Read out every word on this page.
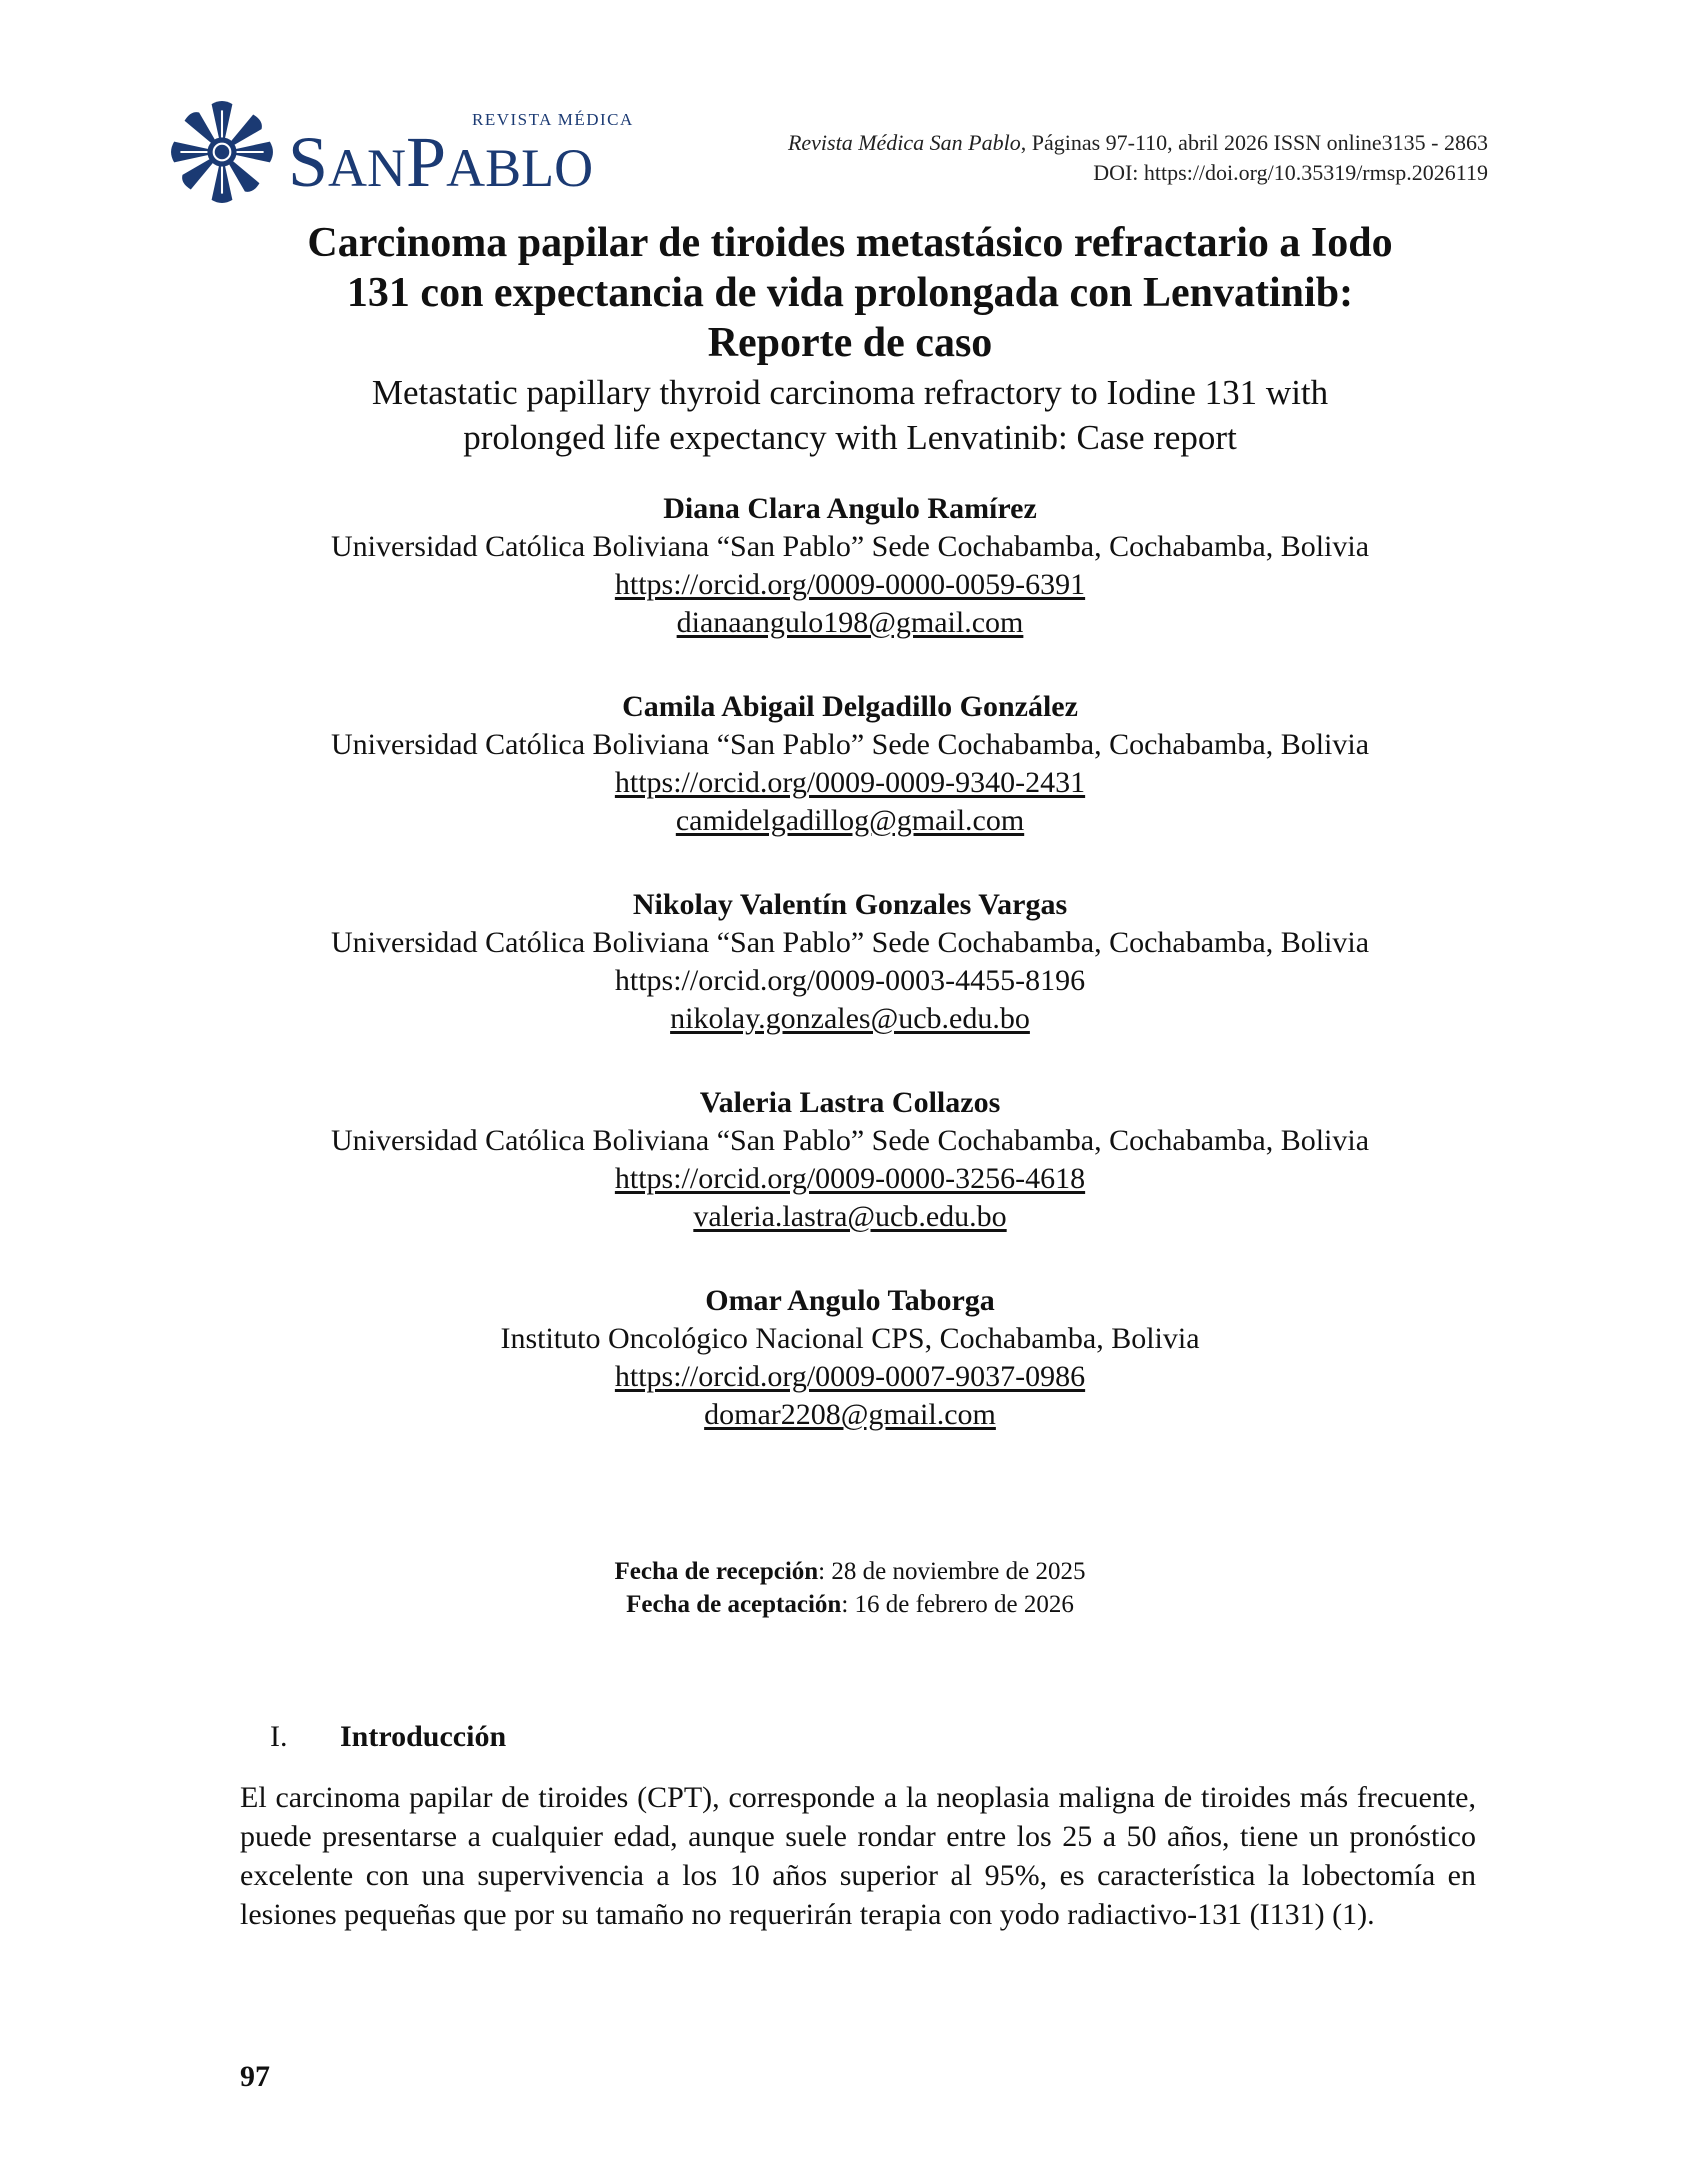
REVISTA MÉDICA
SANPABLO	Revista Médica San Pablo, Páginas 97-110, abril 2026 ISSN online3135 - 2863
DOI: https://doi.org/10.35319/rmsp.2026119
Carcinoma papilar de tiroides metastásico refractario a Iodo
131 con expectancia de vida prolongada con Lenvatinib:
Reporte de caso
Metastatic papillary thyroid carcinoma refractory to Iodine 131 with
prolonged life expectancy with Lenvatinib: Case report
Diana Clara Angulo Ramírez
Universidad Católica Boliviana “San Pablo” Sede Cochabamba, Cochabamba, Bolivia
https://orcid.org/0009-0000-0059-6391
dianaangulo198@gmail.com
Camila Abigail Delgadillo González
Universidad Católica Boliviana “San Pablo” Sede Cochabamba, Cochabamba, Bolivia
https://orcid.org/0009-0009-9340-2431
camidelgadillog@gmail.com
Nikolay Valentín Gonzales Vargas
Universidad Católica Boliviana “San Pablo” Sede Cochabamba, Cochabamba, Bolivia
https://orcid.org/0009-0003-4455-8196
nikolay.gonzales@ucb.edu.bo
Valeria Lastra Collazos
Universidad Católica Boliviana “San Pablo” Sede Cochabamba, Cochabamba, Bolivia
https://orcid.org/0009-0000-3256-4618
valeria.lastra@ucb.edu.bo
Omar Angulo Taborga
Instituto Oncológico Nacional CPS, Cochabamba, Bolivia
https://orcid.org/0009-0007-9037-0986
domar2208@gmail.com
Fecha de recepción: 28 de noviembre de 2025
Fecha de aceptación: 16 de febrero de 2026
I. Introducción
El carcinoma papilar de tiroides (CPT), corresponde a la neoplasia maligna de tiroides más frecuente, puede presentarse a cualquier edad, aunque suele rondar entre los 25 a 50 años, tiene un pronóstico excelente con una supervivencia a los 10 años superior al 95%, es característica la lobectomía en lesiones pequeñas que por su tamaño no requerirán terapia con yodo radiactivo-131 (I131) (1).
97
